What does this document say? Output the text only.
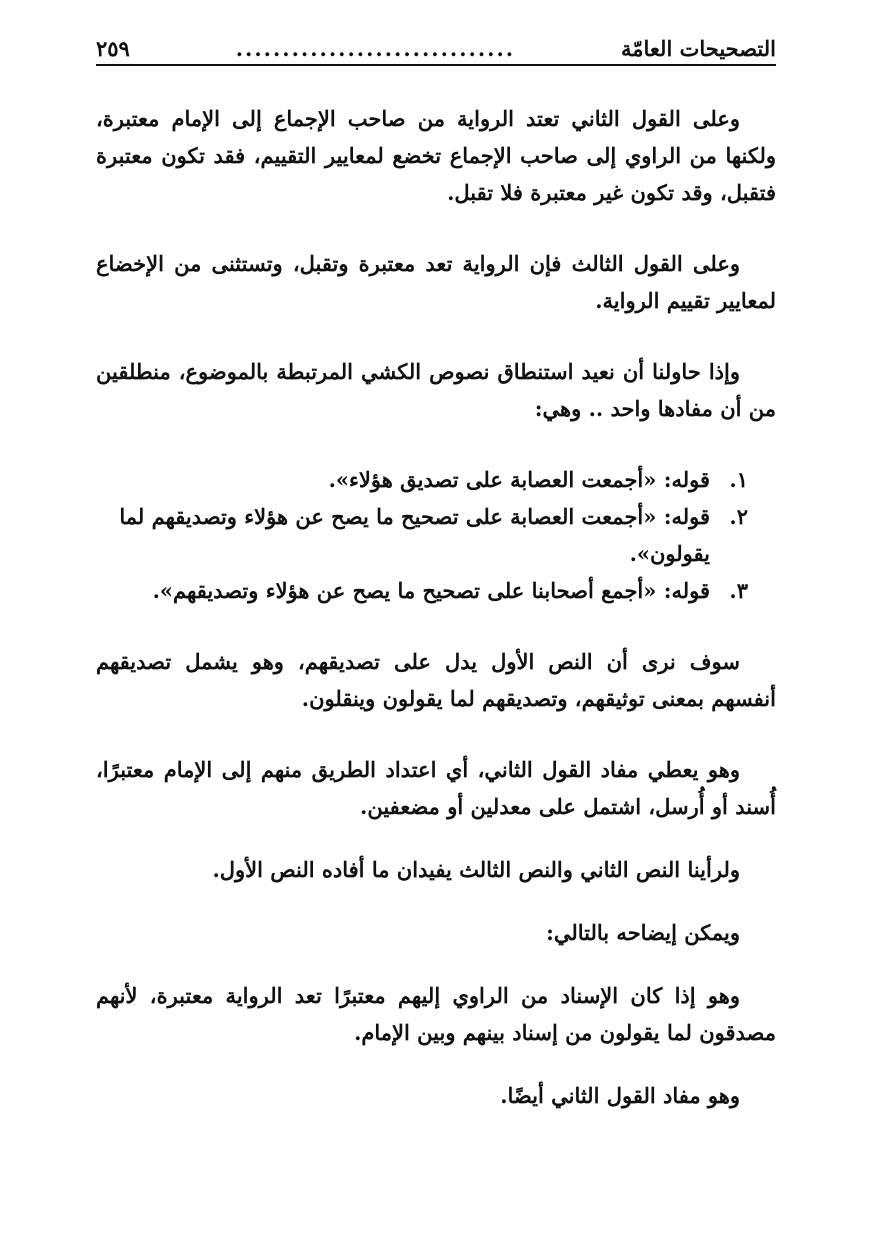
التصحيحات العامّة
..............................
٢٥٩

وعلى القول الثاني تعتد الرواية من صاحب الإجماع إلى الإمام معتبرة، ولكنها من الراوي إلى صاحب الإجماع تخضع لمعايير التقييم، فقد تكون معتبرة فتقبل، وقد تكون غير معتبرة فلا تقبل.

وعلى القول الثالث فإن الرواية تعد معتبرة وتقبل، وتستثنى من الإخضاع لمعايير تقييم الرواية.

وإذا حاولنا أن نعيد استنطاق نصوص الكشي المرتبطة بالموضوع، منطلقين من أن مفادها واحد .. وهي:

١.
قوله: «أجمعت العصابة على تصديق هؤلاء».
٢.
قوله: «أجمعت العصابة على تصحيح ما يصح عن هؤلاء وتصديقهم لما يقولون».
٣.
قوله: «أجمع أصحابنا على تصحيح ما يصح عن هؤلاء وتصديقهم».

سوف نرى أن النص الأول يدل على تصديقهم، وهو يشمل تصديقهم أنفسهم بمعنى توثيقهم، وتصديقهم لما يقولون وينقلون.

وهو يعطي مفاد القول الثاني، أي اعتداد الطريق منهم إلى الإمام معتبرًا، أُسند أو أُرسل، اشتمل على معدلين أو مضعفين.

ولرأينا النص الثاني والنص الثالث يفيدان ما أفاده النص الأول.

ويمكن إيضاحه بالتالي:

وهو إذا كان الإسناد من الراوي إليهم معتبرًا تعد الرواية معتبرة، لأنهم مصدقون لما يقولون من إسناد بينهم وبين الإمام.

وهو مفاد القول الثاني أيضًا.
